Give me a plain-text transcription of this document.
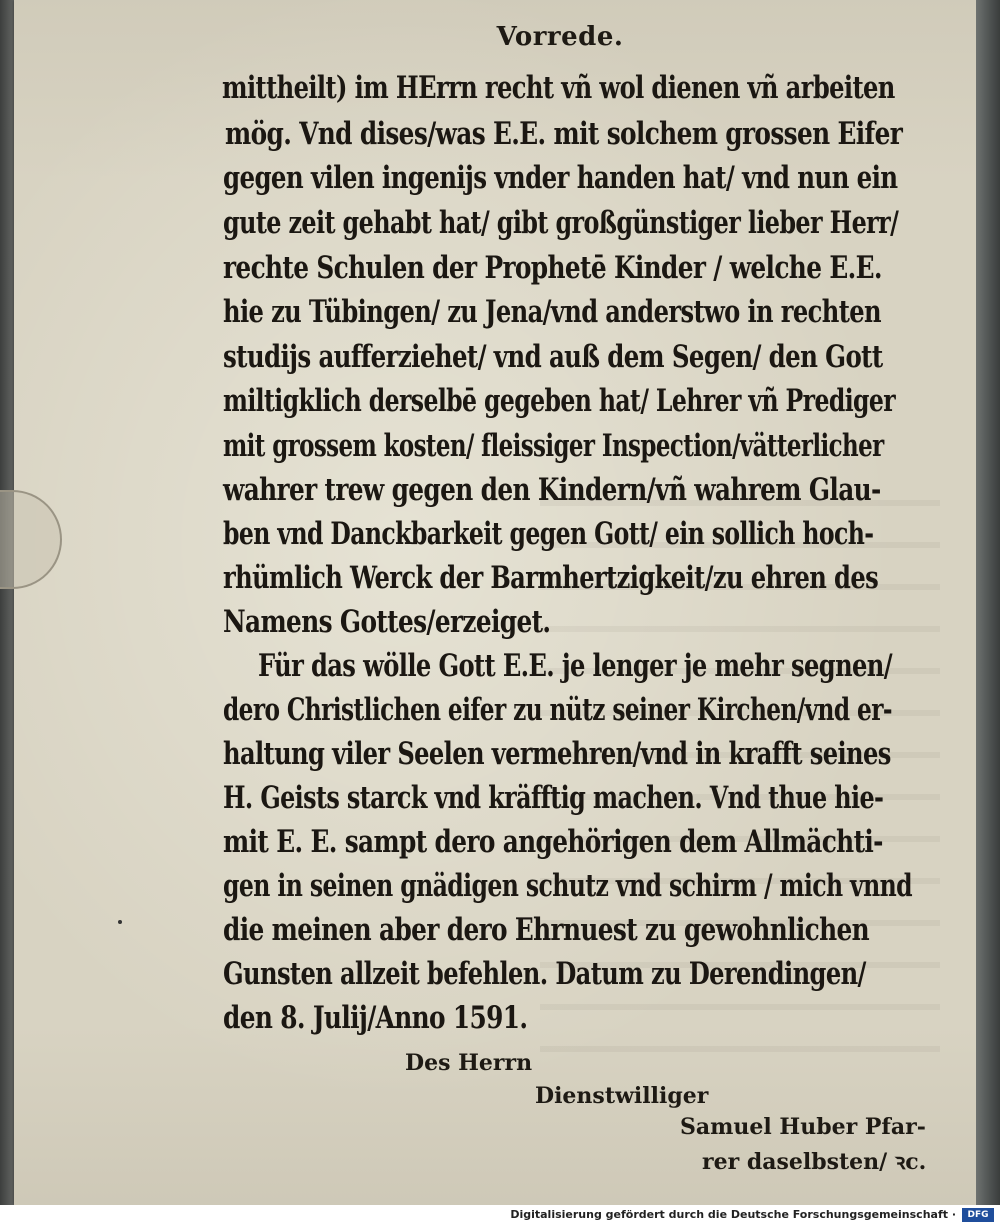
Vorrede.
mittheilt) im HErrn recht vñ wol dienen vñ arbeiten
mög. Vnd dises/was E.E. mit solchem grossen Eifer
gegen vilen ingenijs vnder handen hat/ vnd nun ein
gute zeit gehabt hat/ gibt großgünstiger lieber Herr/
rechte Schulen der Prophetē Kinder / welche E.E.
hie zu Tübingen/ zu Jena/vnd anderstwo in rechten
studijs aufferziehet/ vnd auß dem Segen/ den Gott
miltigklich derselbē gegeben hat/ Lehrer vñ Prediger
mit grossem kosten/ fleissiger Inspection/vätterlicher
wahrer trew gegen den Kindern/vñ wahrem Glau-
ben vnd Danckbarkeit gegen Gott/ ein sollich hoch-
rhümlich Werck der Barmhertzigkeit/zu ehren des
Namens Gottes/erzeiget.
Für das wölle Gott E.E. je lenger je mehr segnen/
dero Christlichen eifer zu nütz seiner Kirchen/vnd er-
haltung viler Seelen vermehren/vnd in krafft seines
H. Geists starck vnd kräfftig machen. Vnd thue hie-
mit E. E. sampt dero angehörigen dem Allmächti-
gen in seinen gnädigen schutz vnd schirm / mich vnnd
die meinen aber dero Ehrnuest zu gewohnlichen
Gunsten allzeit befehlen. Datum zu Derendingen/
den 8. Julij/Anno 1591.
Des Herrn
Dienstwilliger
Samuel Huber Pfar-
rer daselbsten/ ꝛc.
Digitalisierung gefördert durch die Deutsche Forschungsgemeinschaft ·	DFG
